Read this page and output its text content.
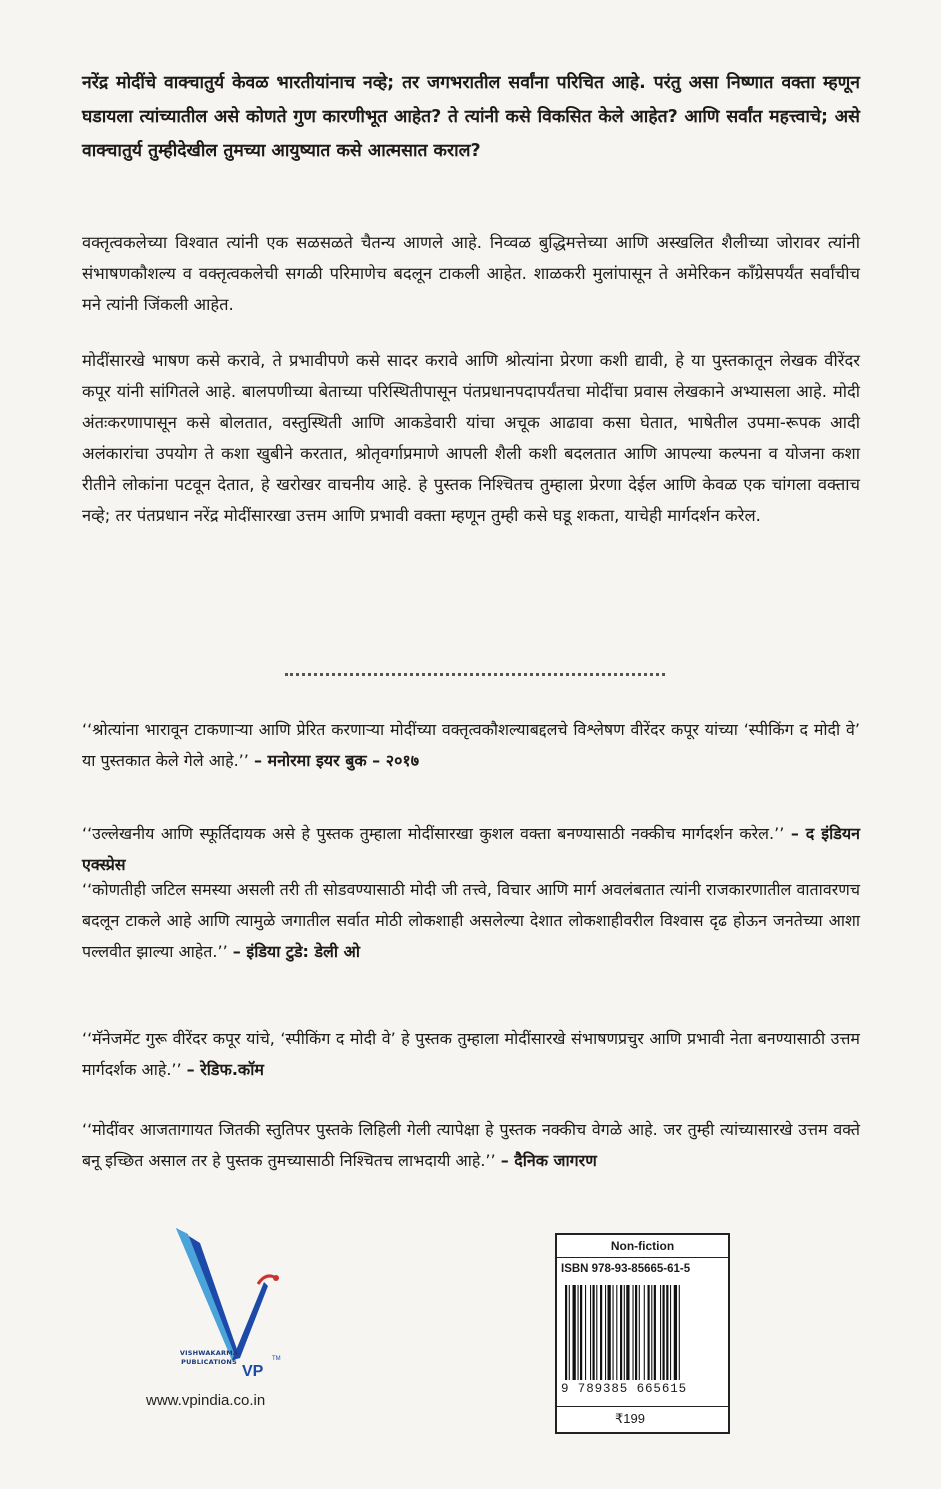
नरेंद्र मोदींचे वाक्चातुर्य केवळ भारतीयांनाच नव्हे; तर जगभरातील सर्वांना परिचित आहे. परंतु असा निष्णात वक्ता म्हणून घडायला त्यांच्यातील असे कोणते गुण कारणीभूत आहेत? ते त्यांनी कसे विकसित केले आहेत? आणि सर्वांत महत्त्वाचे; असे वाक्चातुर्य तुम्हीदेखील तुमच्या आयुष्यात कसे आत्मसात कराल?

वक्तृत्वकलेच्या विश्वात त्यांनी एक सळसळते चैतन्य आणले आहे. निव्वळ बुद्धिमत्तेच्या आणि अस्खलित शैलीच्या जोरावर त्यांनी संभाषणकौशल्य व वक्तृत्वकलेची सगळी परिमाणेच बदलून टाकली आहेत. शाळकरी मुलांपासून ते अमेरिकन काँग्रेसपर्यंत सर्वांचीच मने त्यांनी जिंकली आहेत.

मोदींसारखे भाषण कसे करावे, ते प्रभावीपणे कसे सादर करावे आणि श्रोत्यांना प्रेरणा कशी द्यावी, हे या पुस्तकातून लेखक वीरेंदर कपूर यांनी सांगितले आहे. बालपणीच्या बेताच्या परिस्थितीपासून पंतप्रधानपदापर्यंतचा मोदींचा प्रवास लेखकाने अभ्यासला आहे. मोदी अंतःकरणापासून कसे बोलतात, वस्तुस्थिती आणि आकडेवारी यांचा अचूक आढावा कसा घेतात, भाषेतील उपमा-रूपक आदी अलंकारांचा उपयोग ते कशा खुबीने करतात, श्रोतृवर्गाप्रमाणे आपली शैली कशी बदलतात आणि आपल्या कल्पना व योजना कशा रीतीने लोकांना पटवून देतात, हे खरोखर वाचनीय आहे. हे पुस्तक निश्चितच तुम्हाला प्रेरणा देईल आणि केवळ एक चांगला वक्ताच नव्हे; तर पंतप्रधान नरेंद्र मोदींसारखा उत्तम आणि प्रभावी वक्ता म्हणून तुम्ही कसे घडू शकता, याचेही मार्गदर्शन करेल.

‘‘श्रोत्यांना भारावून टाकणाऱ्या आणि प्रेरित करणाऱ्या मोदींच्या वक्तृत्वकौशल्याबद्दलचे विश्लेषण वीरेंदर कपूर यांच्या ‘स्पीकिंग द मोदी वे’ या पुस्तकात केले गेले आहे.’’ – मनोरमा इयर बुक – २०१७

‘‘उल्लेखनीय आणि स्फूर्तिदायक असे हे पुस्तक तुम्हाला मोदींसारखा कुशल वक्ता बनण्यासाठी नक्कीच मार्गदर्शन करेल.’’ – द इंडियन एक्स्प्रेस

‘‘कोणतीही जटिल समस्या असली तरी ती सोडवण्यासाठी मोदी जी तत्त्वे, विचार आणि मार्ग अवलंबतात त्यांनी राजकारणातील वातावरणच बदलून टाकले आहे आणि त्यामुळे जगातील सर्वात मोठी लोकशाही असलेल्या देशात लोकशाहीवरील विश्वास दृढ होऊन जनतेच्या आशा पल्लवीत झाल्या आहेत.’’ – इंडिया टुडे: डेली ओ

‘‘मॅनेजमेंट गुरू वीरेंदर कपूर यांचे, ‘स्पीकिंग द मोदी वे’ हे पुस्तक तुम्हाला मोदींसारखे संभाषणप्रचुर आणि प्रभावी नेता बनण्यासाठी उत्तम मार्गदर्शक आहे.’’ – रेडिफ.कॉम

‘‘मोदींवर आजतागायत जितकी स्तुतिपर पुस्तके लिहिली गेली त्यापेक्षा हे पुस्तक नक्कीच वेगळे आहे. जर तुम्ही त्यांच्यासारखे उत्तम वक्ते बनू इच्छित असाल तर हे पुस्तक तुमच्यासाठी निश्चितच लाभदायी आहे.’’ – दैनिक जागरण

VP
TM
VISHWAKARMA
PUBLICATIONS
www.vpindia.co.in
Non-fiction
ISBN 978-93-85665-61-5
9 789385 665615
₹199
